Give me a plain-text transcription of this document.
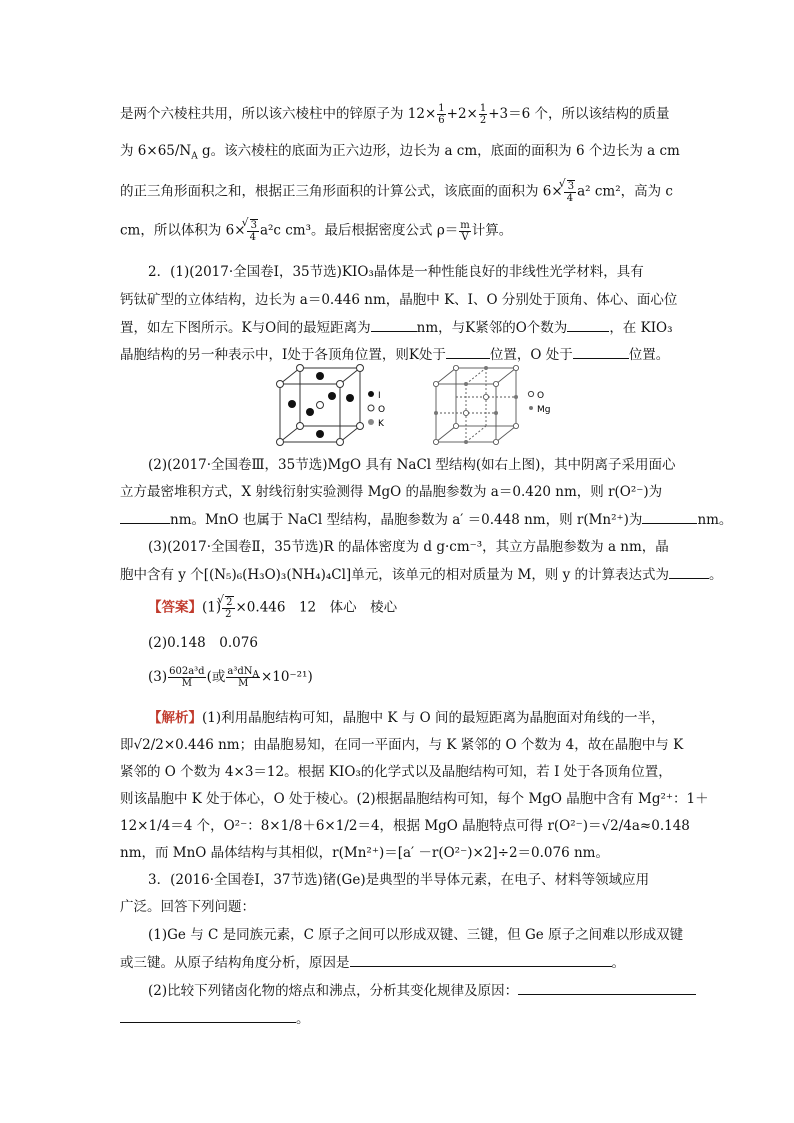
是两个六棱柱共用，所以该六棱柱中的锌原子为 $12\times \frac{1}{6} +2\times \frac{1}{2} +3=6$ 个，所以该结构的质量
为 $6\times 65/N_A$ g。该六棱柱的底面为正六边形，边长为 a cm，底面的面积为 6 个边长为 a cm
的正三角形面积之和，根据正三角形面积的计算公式，该底面的面积为 6× √ $\frac{3}{4} a^2$ cm²，高为 c
cm，所以体积为 6× √ $\frac{3}{4} a^2c$ cm³。最后根据密度公式 $\rho= \frac{m}{V}$ 计算。
2．(1)(2017·全国卷Ⅰ，35节选)KIO₃晶体是一种性能良好的非线性光学材料，具有
钙钛矿型的立体结构，边长为 a＝0.446 nm，晶胞中 K、I、O 分别处于顶角、体心、面心位
置，如左下图所示。K与O间的最短距离为	nm，与K紧邻的O个数为	，在 KIO₃
晶胞结构的另一种表示中，I处于各顶角位置，则K处于	位置，O 处于	位置。
I
O
K
O
Mg
(2)(2017·全国卷Ⅲ，35节选)MgO 具有 NaCl 型结构(如右上图)，其中阴离子采用面心
立方最密堆积方式，X 射线衍射实验测得 MgO 的晶胞参数为 a＝0.420 nm，则 r(O²⁻)为
nm。MnO 也属于 NaCl 型结构，晶胞参数为 a′ ＝0.448 nm，则 r(Mn²⁺)为	nm。
(3)(2017·全国卷Ⅱ，35节选)R 的晶体密度为 d g·cm⁻³，其立方晶胞参数为 a nm，晶
胞中含有 y 个[(N₅)₆(H₃O)₃(NH₄)₄Cl]单元，该单元的相对质量为 M，则 y 的计算表达式为	。
【答案】(1) √ $\frac{2}{2} \times 0.446$　12　体心　棱心
(2)0.148　0.076
$(3) \frac{\text{602a³d}}{M}$ (或 $\frac{a^3dN_A}{M} \times 10^{-21}$)
【解析】(1)利用晶胞结构可知，晶胞中 K 与 O 间的最短距离为晶胞面对角线的一半，
即√2/2×0.446 nm；由晶胞易知，在同一平面内，与 K 紧邻的 O 个数为 4，故在晶胞中与 K
紧邻的 O 个数为 4×3＝12。根据 KIO₃的化学式以及晶胞结构可知，若 I 处于各顶角位置，
则该晶胞中 K 处于体心，O 处于棱心。(2)根据晶胞结构可知，每个 MgO 晶胞中含有 Mg²⁺：1＋
12×1/4＝4 个，O²⁻：8×1/8＋6×1/2＝4，根据 MgO 晶胞特点可得 r(O²⁻)＝√2/4a≈0.148
nm，而 MnO 晶体结构与其相似，r(Mn²⁺)＝[a′ －r(O²⁻)×2]÷2＝0.076 nm。
3．(2016·全国卷Ⅰ，37节选)锗(Ge)是典型的半导体元素，在电子、材料等领域应用
广泛。回答下列问题：
(1)Ge 与 C 是同族元素，C 原子之间可以形成双键、三键，但 Ge 原子之间难以形成双键
或三键。从原子结构角度分析，原因是	。
(2)比较下列锗卤化物的熔点和沸点，分析其变化规律及原因：
。
